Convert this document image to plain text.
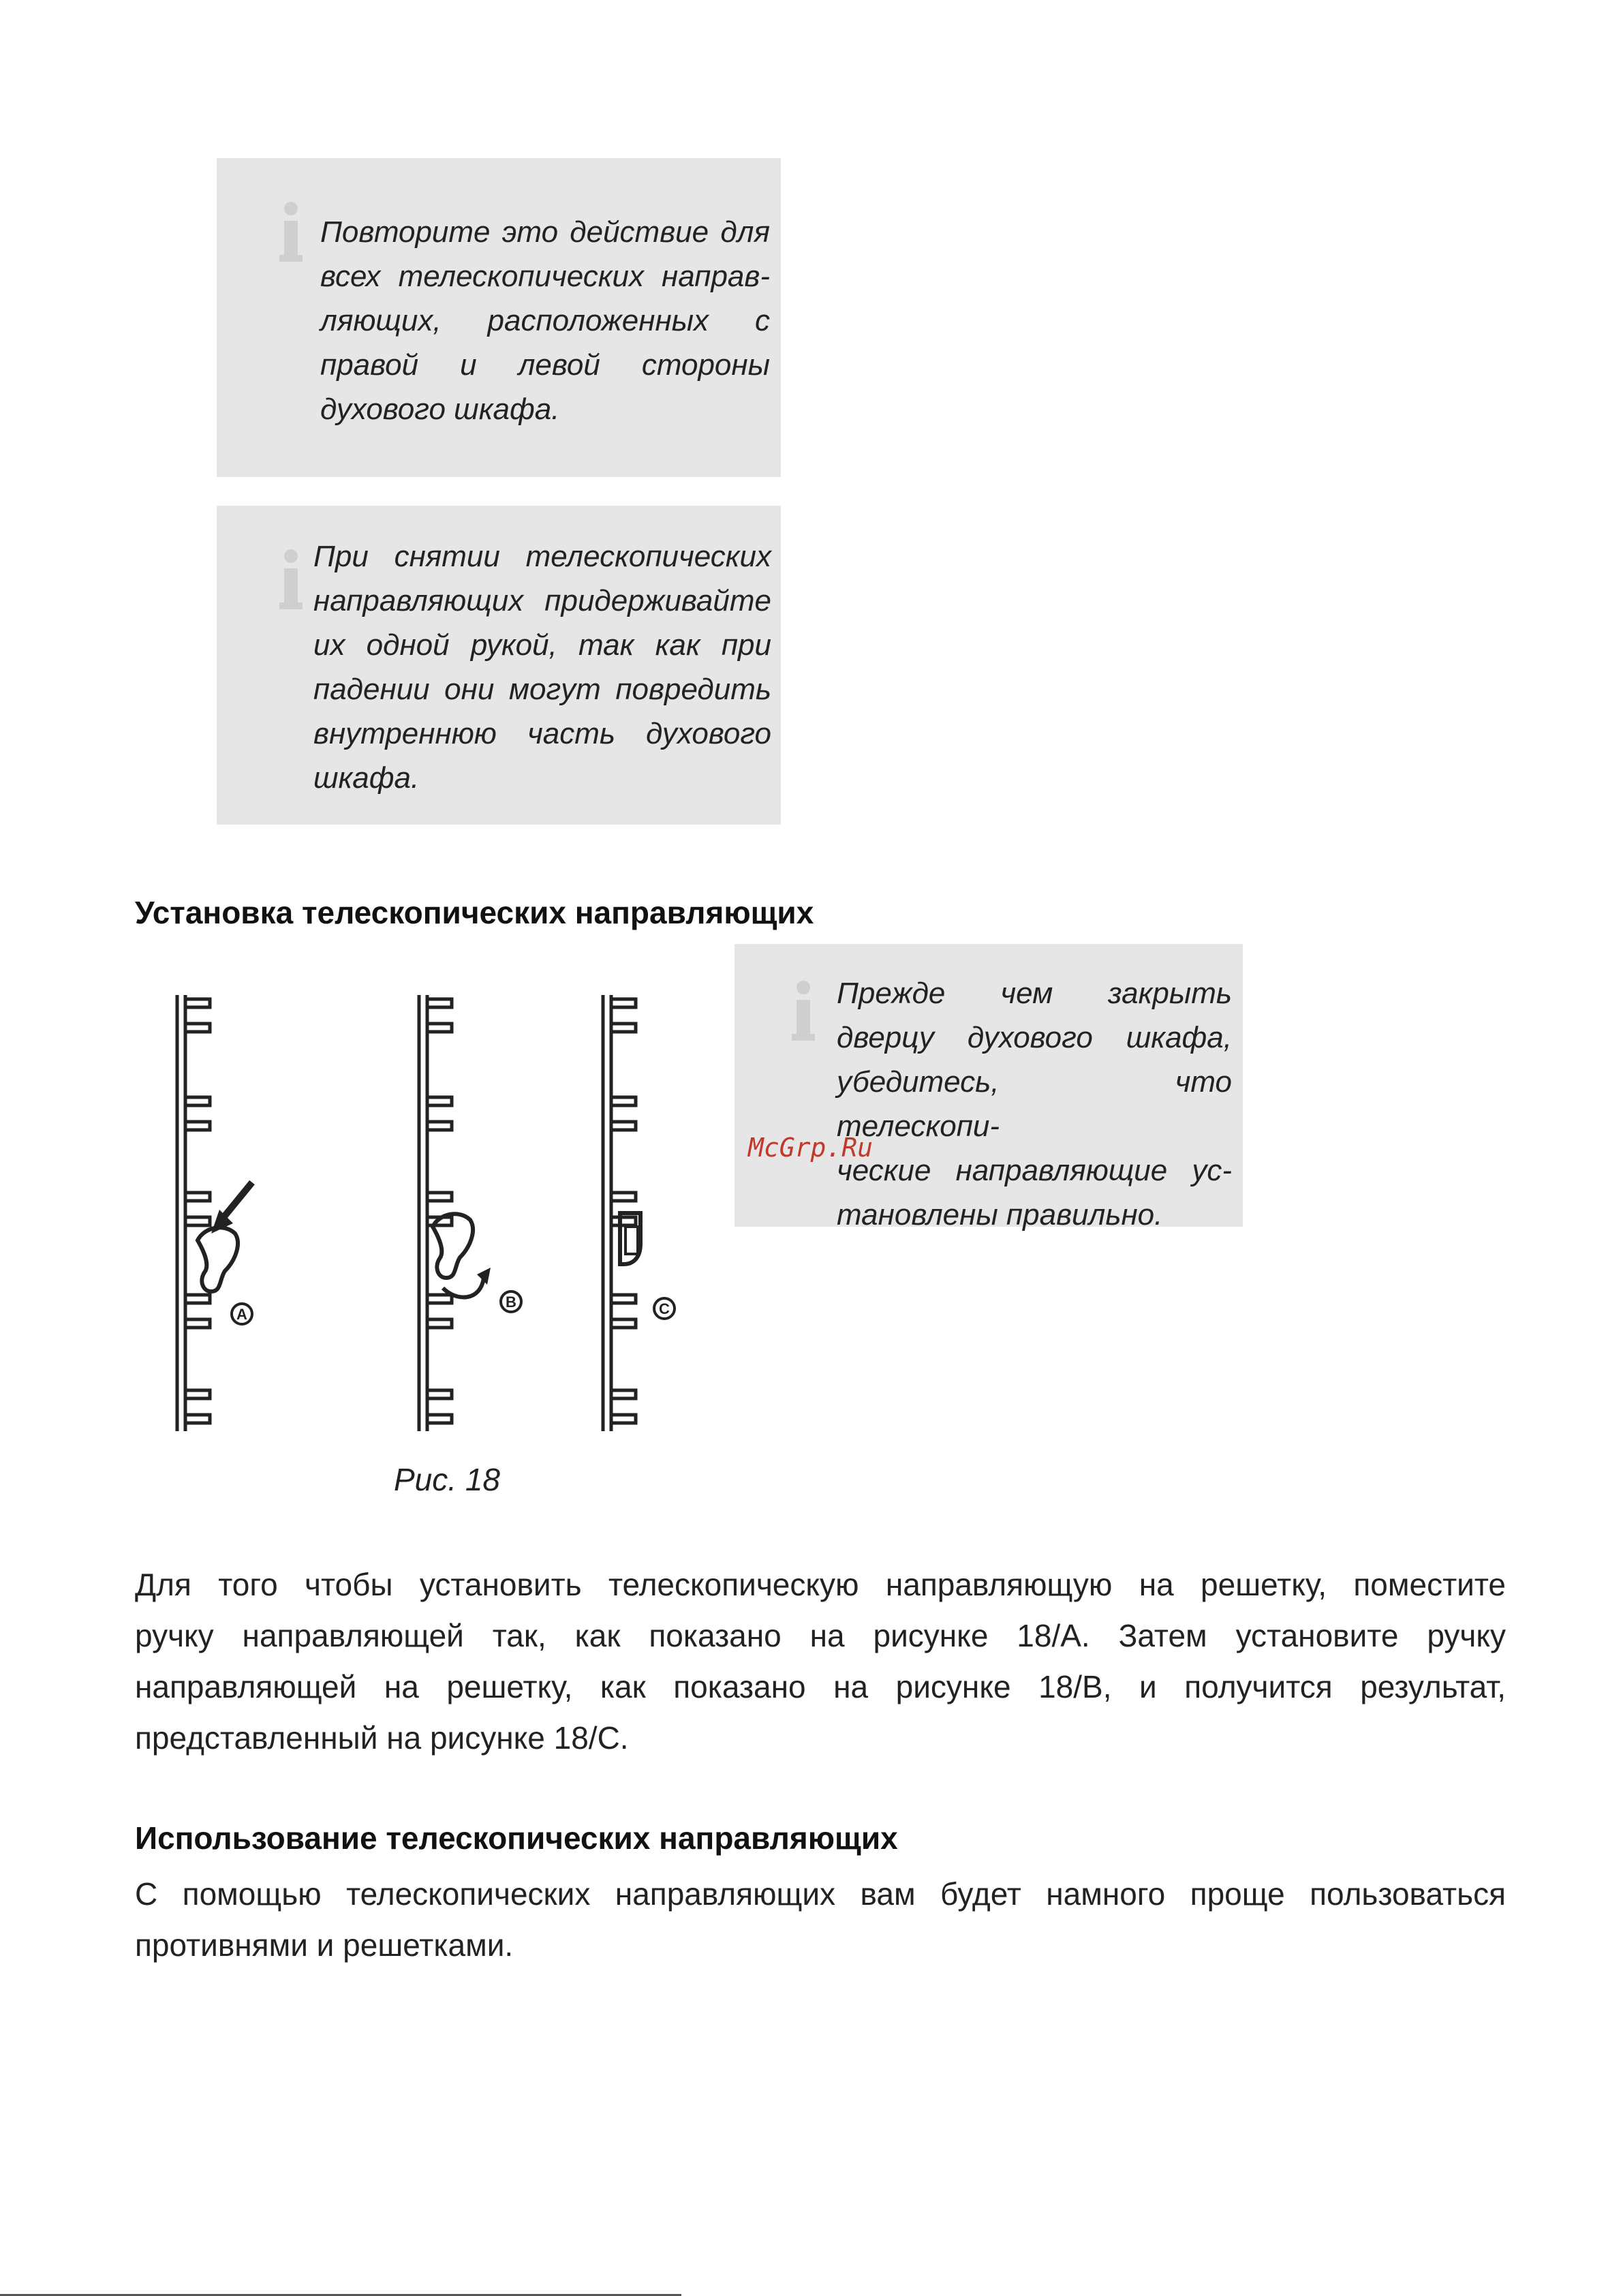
Повторите это действие для
всех телескопических направ-
ляющих, расположенных с
правой и левой стороны
духового шкафа.
При снятии телескопических
направляющих придерживайте
их одной рукой, так как при
падении они могут повредить
внутреннюю часть духового
шкафа.
Установка телескопических направляющих
A
B	C
Рис. 18
Прежде чем закрыть
дверцу духового шкафа,
убедитесь, что телескопи-
ческие направляющие ус-
тановлены правильно.
McGrp.Ru

Для того чтобы установить телескопическую направляющую на решетку, поместите
ручку направляющей так, как показано на рисунке 18/А. Затем установите ручку
направляющей на решетку, как показано на рисунке 18/В, и получится результат,
представленный на рисунке 18/С.

Использование телескопических направляющих

С помощью телескопических направляющих вам будет намного проще пользоваться
противнями и решетками.
